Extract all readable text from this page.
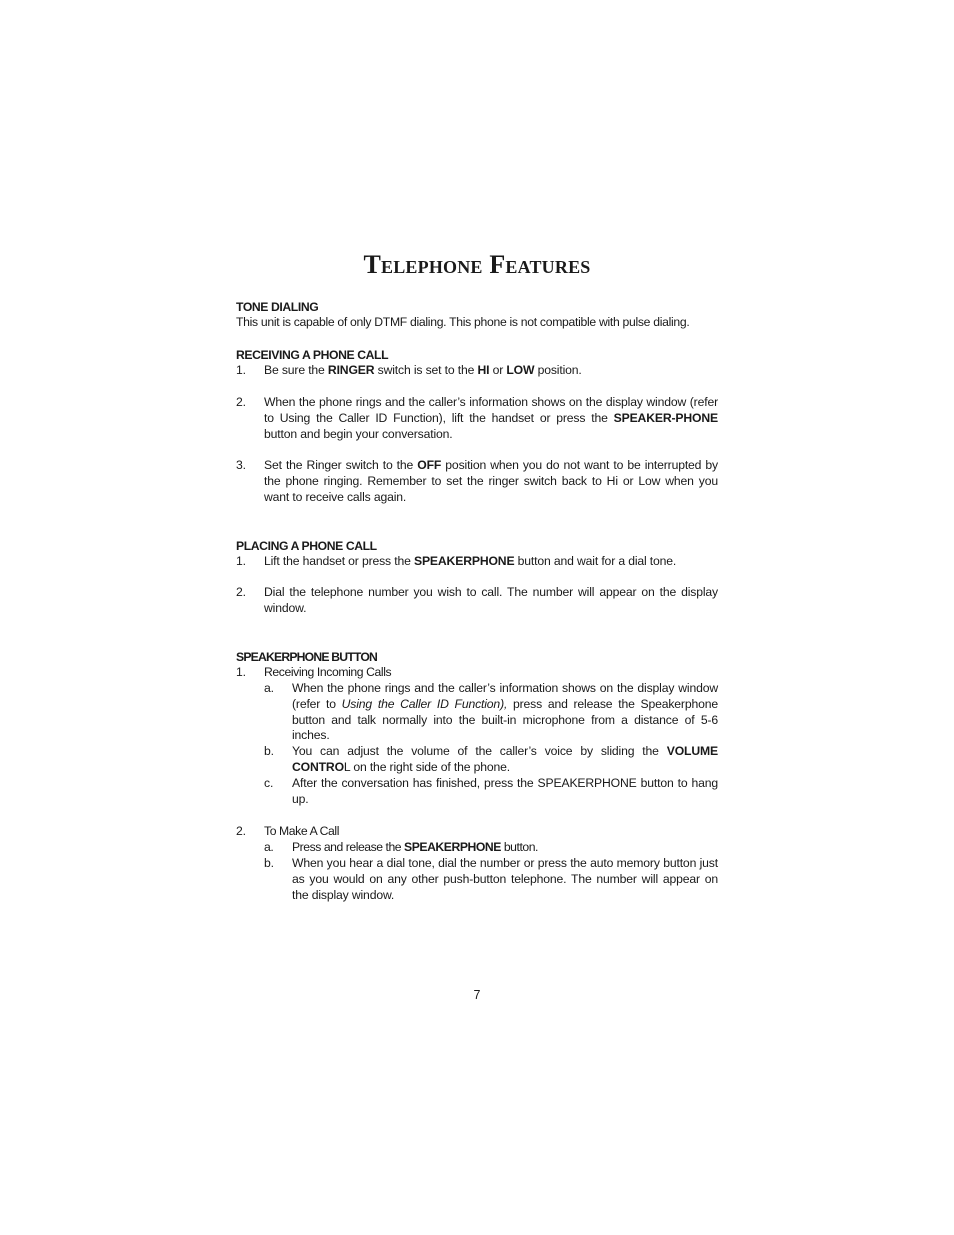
Telephone Features
TONE DIALING
This unit is capable of only DTMF dialing. This phone is not compatible with pulse dialing.
RECEIVING A PHONE CALL
1. Be sure the RINGER switch is set to the HI or LOW position.
2. When the phone rings and the caller’s information shows on the display window (refer to Using the Caller ID Function), lift the handset or press the SPEAKER-PHONE button and begin your conversation.
3. Set the Ringer switch to the OFF position when you do not want to be interrupted by the phone ringing. Remember to set the ringer switch back to Hi or Low when you want to receive calls again.
PLACING A PHONE CALL
1. Lift the handset or press the SPEAKERPHONE button and wait for a dial tone.
2. Dial the telephone number you wish to call. The number will appear on the display window.
SPEAKERPHONE BUTTON
1. Receiving Incoming Calls
a. When the phone rings and the caller’s information shows on the display window (refer to Using the Caller ID Function), press and release the Speakerphone button and talk normally into the built-in microphone from a distance of 5-6 inches.
b. You can adjust the volume of the caller’s voice by sliding the VOLUME CONTROL on the right side of the phone.
c. After the conversation has finished, press the SPEAKERPHONE button to hang up.
2. To Make A Call
a. Press and release the SPEAKERPHONE button.
b. When you hear a dial tone, dial the number or press the auto memory button just as you would on any other push-button telephone. The number will appear on the display window.
7
